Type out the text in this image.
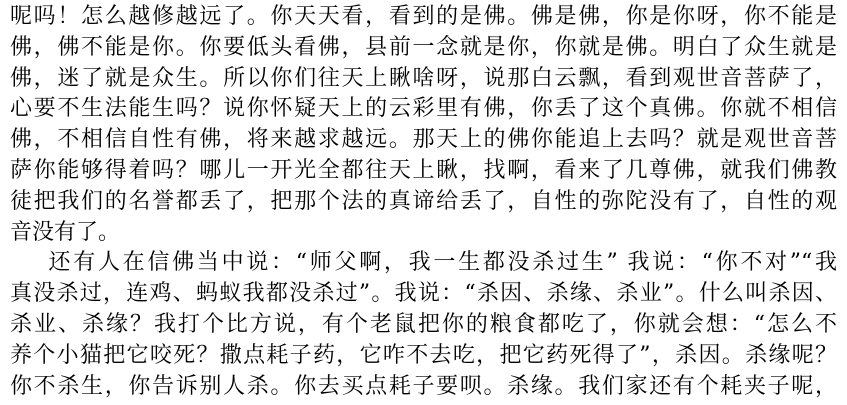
呢吗！怎么越修越远了。你天天看，看到的是佛。佛是佛，你是你呀，你不能是
佛，佛不能是你。你要低头看佛，县前一念就是你，你就是佛。明白了众生就是
佛，迷了就是众生。所以你们往天上瞅啥呀，说那白云飘，看到观世音菩萨了，
心要不生法能生吗？说你怀疑天上的云彩里有佛，你丢了这个真佛。你就不相信
佛，不相信自性有佛，将来越求越远。那天上的佛你能追上去吗？就是观世音菩
萨你能够得着吗？哪儿一开光全都往天上瞅，找啊，看来了几尊佛，就我们佛教
徒把我们的名誉都丢了，把那个法的真谛给丢了，自性的弥陀没有了，自性的观
音没有了。
还有人在信佛当中说：“师父啊，我一生都没杀过生” 我说：“你不对”“我
真没杀过，连鸡、蚂蚁我都没杀过”。我说：“杀因、杀缘、杀业”。什么叫杀因、
杀业、杀缘？我打个比方说，有个老鼠把你的粮食都吃了，你就会想：“怎么不
养个小猫把它咬死？撒点耗子药，它咋不去吃，把它药死得了”，杀因。杀缘呢？
你不杀生，你告诉别人杀。你去买点耗子要呗。杀缘。我们家还有个耗夹子呢，
